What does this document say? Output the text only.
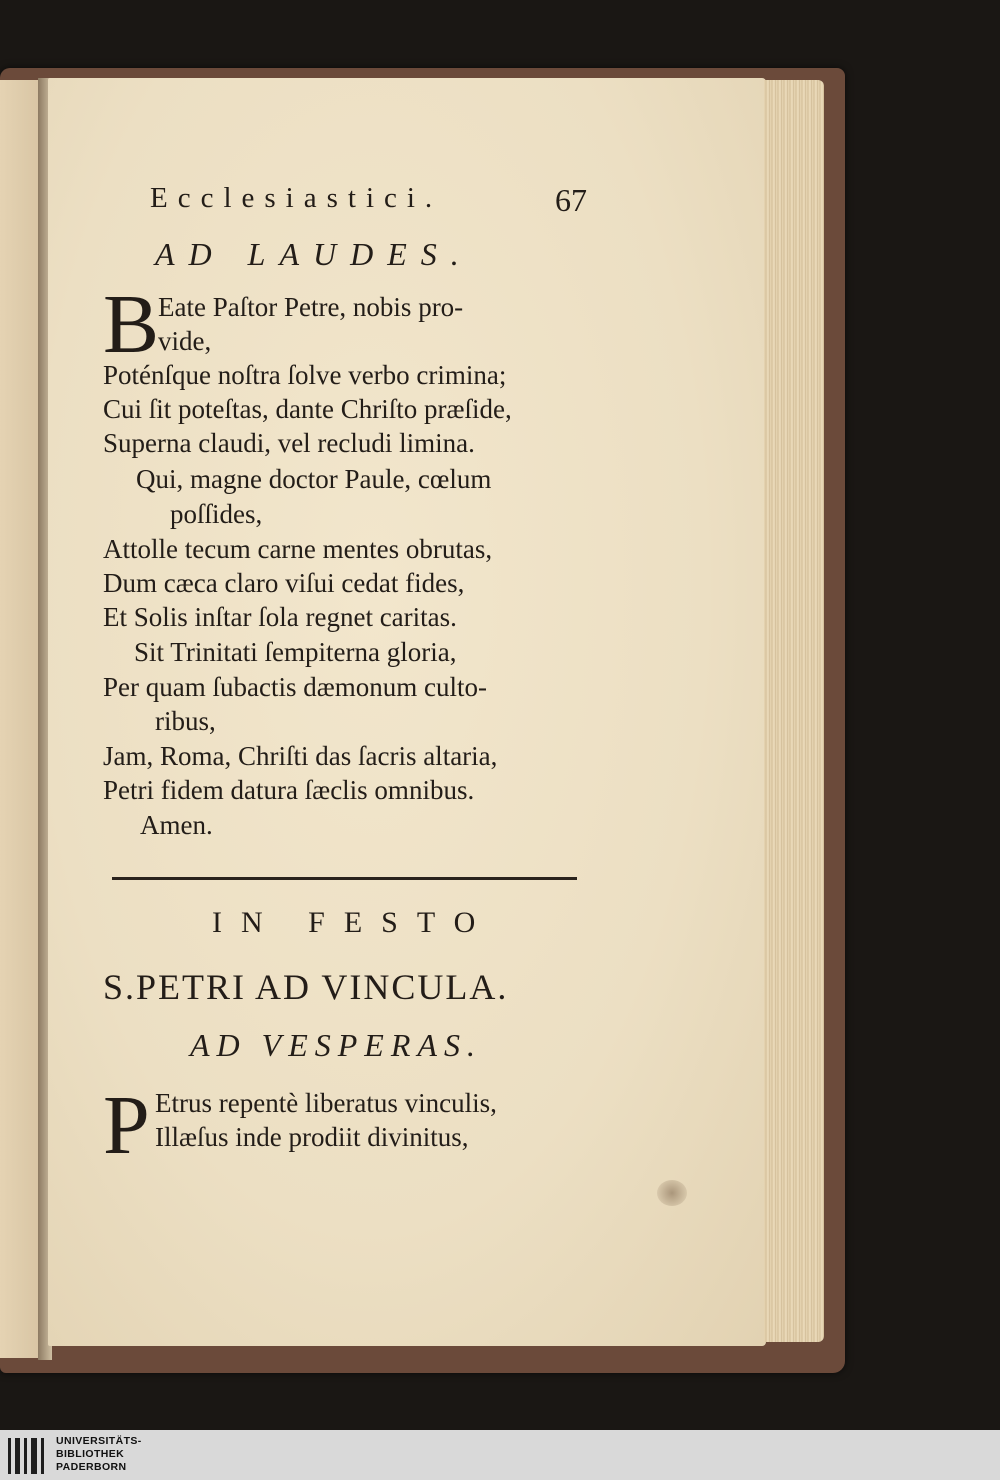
Ecclesiastici.	67
AD LAUDES.
B
Eate Paſtor Petre, nobis pro-
vide,
Poténſque noſtra ſolve verbo crimina;
Cui ſit poteſtas, dante Chriſto præſide,
Superna claudi, vel recludi limina.
Qui, magne doctor Paule, cœlum
poſſides,
Attolle tecum carne mentes obrutas,
Dum cæca claro viſui cedat fides,
Et Solis inſtar ſola regnet caritas.
Sit Trinitati ſempiterna gloria,
Per quam ſubactis dæmonum culto-
ribus,
Jam, Roma, Chriſti das ſacris altaria,
Petri fidem datura ſæclis omnibus.
Amen.
IN FESTO
S.PETRI AD VINCULA.
AD VESPERAS.
P Etrus repentè liberatus vinculis,
Illæſus inde prodiit divinitus,
UNIVERSITÄTS-
BIBLIOTHEK
PADERBORN
